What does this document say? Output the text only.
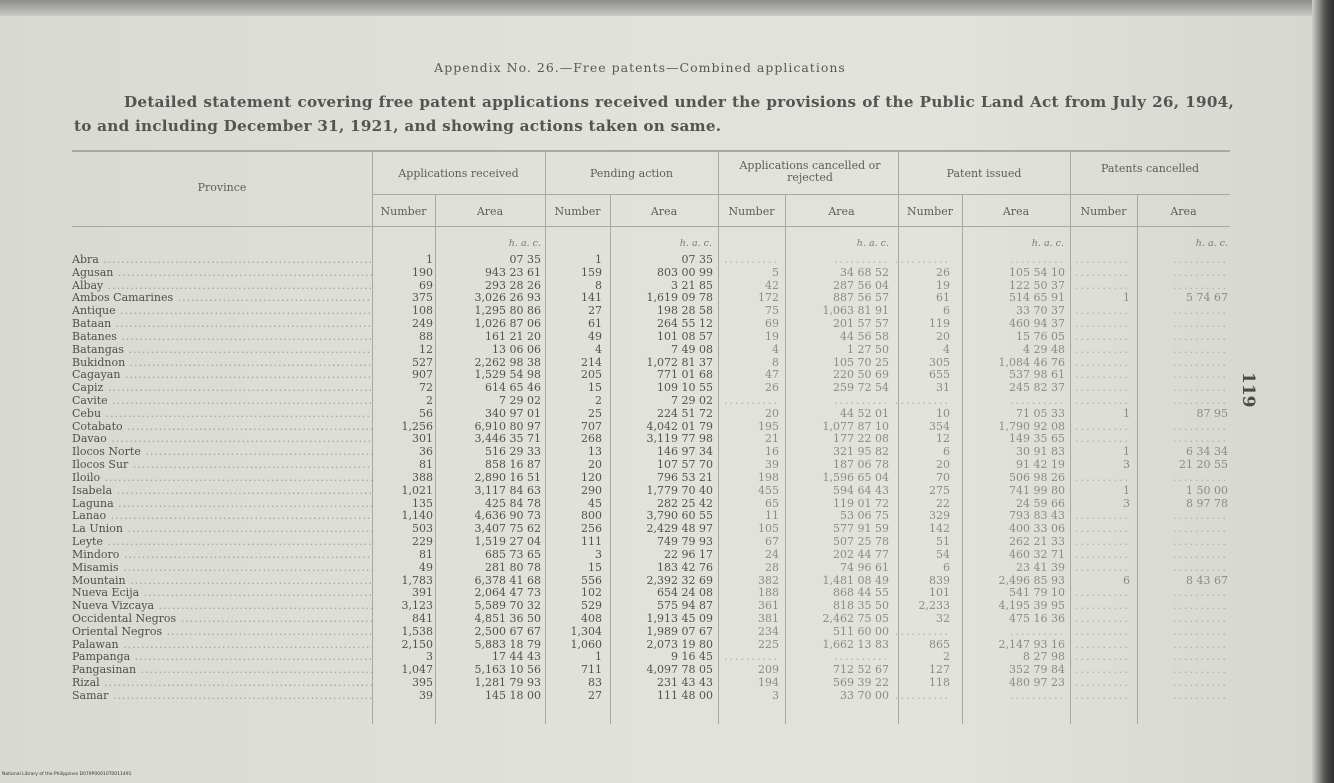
Appendix No. 26.—Free patents—Combined applications
Detailed statement covering free patent applications received under the provisions of the Public Land Act from July 26, 1904, to and including December 31, 1921, and showing actions taken on same.
Province
Applications received	Pending action
Applications cancelled or rejected	Patent issued	Patents cancelled
Number	Area	Number	Area	Number	Area	Number	Area	Number	Area
h. a. c.	h. a. c.	h. a. c.	h. a. c.	h. a. c.
Abra .....	1	07 35	1	07 35 ..........	.......... ..........	.......... ..........	..........
Agusan .....	190	943 23 61	159	803 00 99	5	34 68 52	26	105 54 10 ..........	..........
Albay .....	69	293 28 26	8	3 21 85	42	287 56 04	19	122 50 37 ..........	..........
Ambos Camarines .....	375	3,026 26 93	141	1,619 09 78	172	887 56 57	61	514 65 91	1	5 74 67
Antique .....	108	1,295 80 86	27	198 28 58	75	1,063 81 91	6	33 70 37 ..........	..........
Bataan .....	249	1,026 87 06	61	264 55 12	69	201 57 57	119	460 94 37 ..........	..........
Batanes .....	88	161 21 20	49	101 08 57	19	44 56 58	20	15 76 05 ..........	..........
Batangas .....	12	13 06 06	4	7 49 08	4	1 27 50	4	4 29 48 ..........	..........
Bukidnon .....	527	2,262 98 38	214	1,072 81 37	8	105 70 25	305	1,084 46 76 ..........	..........
Cagayan .....	907	1,529 54 98	205	771 01 68	47	220 50 69	655	537 98 61 ..........	..........
Capiz .....	72	614 65 46	15	109 10 55	26	259 72 54	31	245 82 37 ..........	..........
Cavite .....	2	7 29 02	2	7 29 02 ..........	.......... ..........	.......... ..........	..........
Cebu .....	56	340 97 01	25	224 51 72	20	44 52 01	10	71 05 33	1	87 95
Cotabato .....	1,256	6,910 80 97	707	4,042 01 79	195	1,077 87 10	354	1,790 92 08 ..........	..........
Davao .....	301	3,446 35 71	268	3,119 77 98	21	177 22 08	12	149 35 65 ..........	..........
Ilocos Norte .....	36	516 29 33	13	146 97 34	16	321 95 82	6	30 91 83	1	6 34 34
Ilocos Sur .....	81	858 16 87	20	107 57 70	39	187 06 78	20	91 42 19	3	21 20 55
Iloilo .....	388	2,890 16 51	120	796 53 21	198	1,596 65 04	70	506 98 26 ..........	..........
Isabela .....	1,021	3,117 84 63	290	1,779 70 40	455	594 64 43	275	741 99 80	1	1 50 00
Laguna .....	135	425 84 78	45	282 25 42	65	119 01 72	22	24 59 66	3	8 97 78
Lanao .....	1,140	4,636 90 73	800	3,790 60 55	11	53 06 75	329	793 83 43 ..........	..........
La Union .....	503	3,407 75 62	256	2,429 48 97	105	577 91 59	142	400 33 06 ..........	..........
Leyte .....	229	1,519 27 04	111	749 79 93	67	507 25 78	51	262 21 33 ..........	..........
Mindoro .....	81	685 73 65	3	22 96 17	24	202 44 77	54	460 32 71 ..........	..........
Misamis .....	49	281 80 78	15	183 42 76	28	74 96 61	6	23 41 39 ..........	..........
Mountain .....	1,783	6,378 41 68	556	2,392 32 69	382	1,481 08 49	839	2,496 85 93	6	8 43 67
Nueva Ecija .....	391	2,064 47 73	102	654 24 08	188	868 44 55	101	541 79 10 ..........	..........
Nueva Vizcaya .....	3,123	5,589 70 32	529	575 94 87	361	818 35 50	2,233	4,195 39 95 ..........	..........
Occidental Negros .....	841	4,851 36 50	408	1,913 45 09	381	2,462 75 05	32	475 16 36 ..........	..........
Oriental Negros .....	1,538	2,500 67 67	1,304	1,989 07 67	234	511 60 00 ..........	.......... ..........	..........
Palawan .....	2,150	5,883 18 79	1,060	2,073 19 80	225	1,662 13 83	865	2,147 93 16 ..........	..........
Pampanga .....	3	17 44 43	1	9 16 45 ..........	..........	2	8 27 98 ..........	..........
Pangasinan .....	1,047	5,163 10 56	711	4,097 78 05	209	712 52 67	127	352 79 84 ..........	..........
Rizal .....	395	1,281 79 93	83	231 43 43	194	569 39 22	118	480 97 23 ..........	..........
Samar .....	39	145 18 00	27	111 48 00	3	33 70 00 ..........	.......... ..........	..........
119
National Library of the Philippines D079P00010T0011491
